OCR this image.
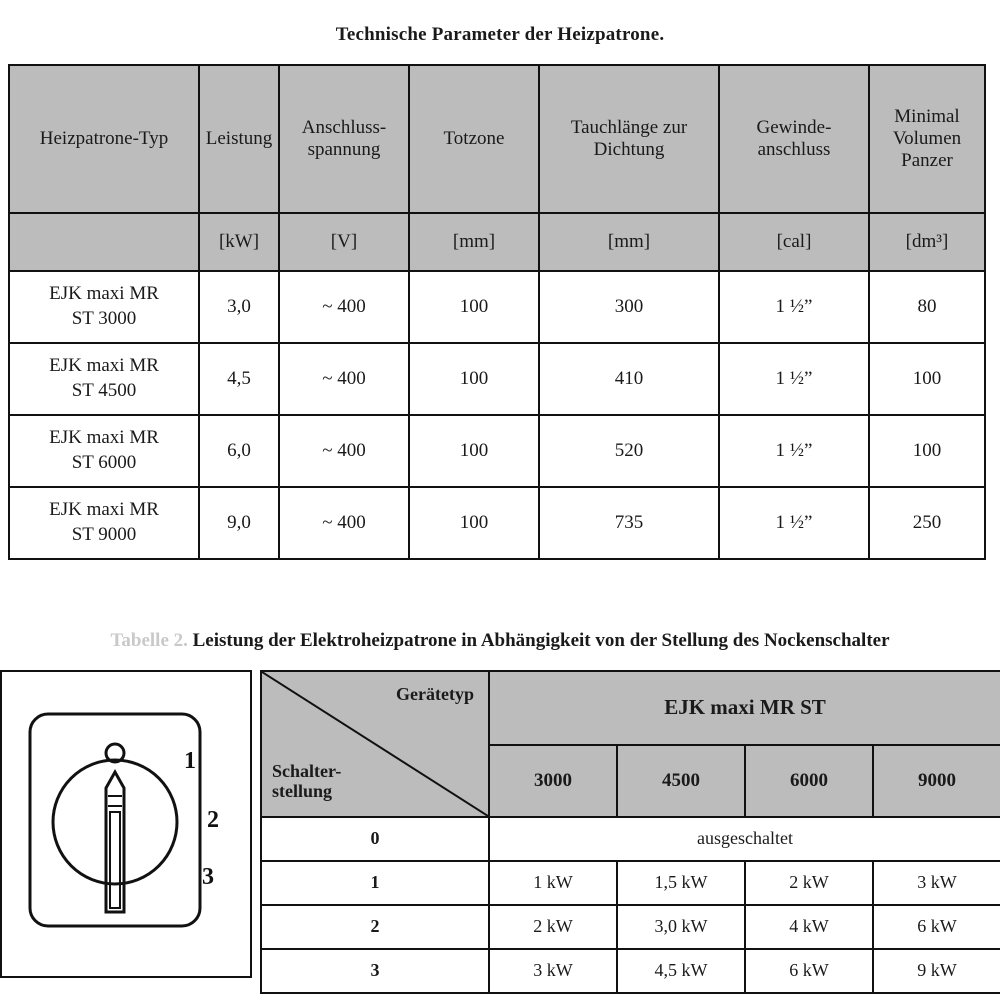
Technische Parameter der Heizpatrone.
Heizpatrone-Typ	Leistung	Anschluss-spannung	Totzone	Tauchlänge zur Dichtung	Gewinde-anschluss	Minimal Volumen Panzer
	[kW]	[V]	[mm]	[mm]	[cal]	[dm³]
EJK maxi MR
ST 3000	3,0	~ 400	100	300	1 ½”	80
EJK maxi MR
ST 4500	4,5	~ 400	100	410	1 ½”	100
EJK maxi MR
ST 6000	6,0	~ 400	100	520	1 ½”	100
EJK maxi MR
ST 9000	9,0	~ 400	100	735	1 ½”	250
Tabelle 2. Leistung der Elektroheizpatrone in Abhängigkeit von der Stellung des Nockenschalter
1
2
3
Gerätetyp
Schalter-
stellung	EJK maxi MR ST			
	3000	4500	6000	9000
0	ausgeschaltet			
1	1 kW	1,5 kW	2 kW	3 kW
2	2 kW	3,0 kW	4 kW	6 kW
3	3 kW	4,5 kW	6 kW	9 kW
